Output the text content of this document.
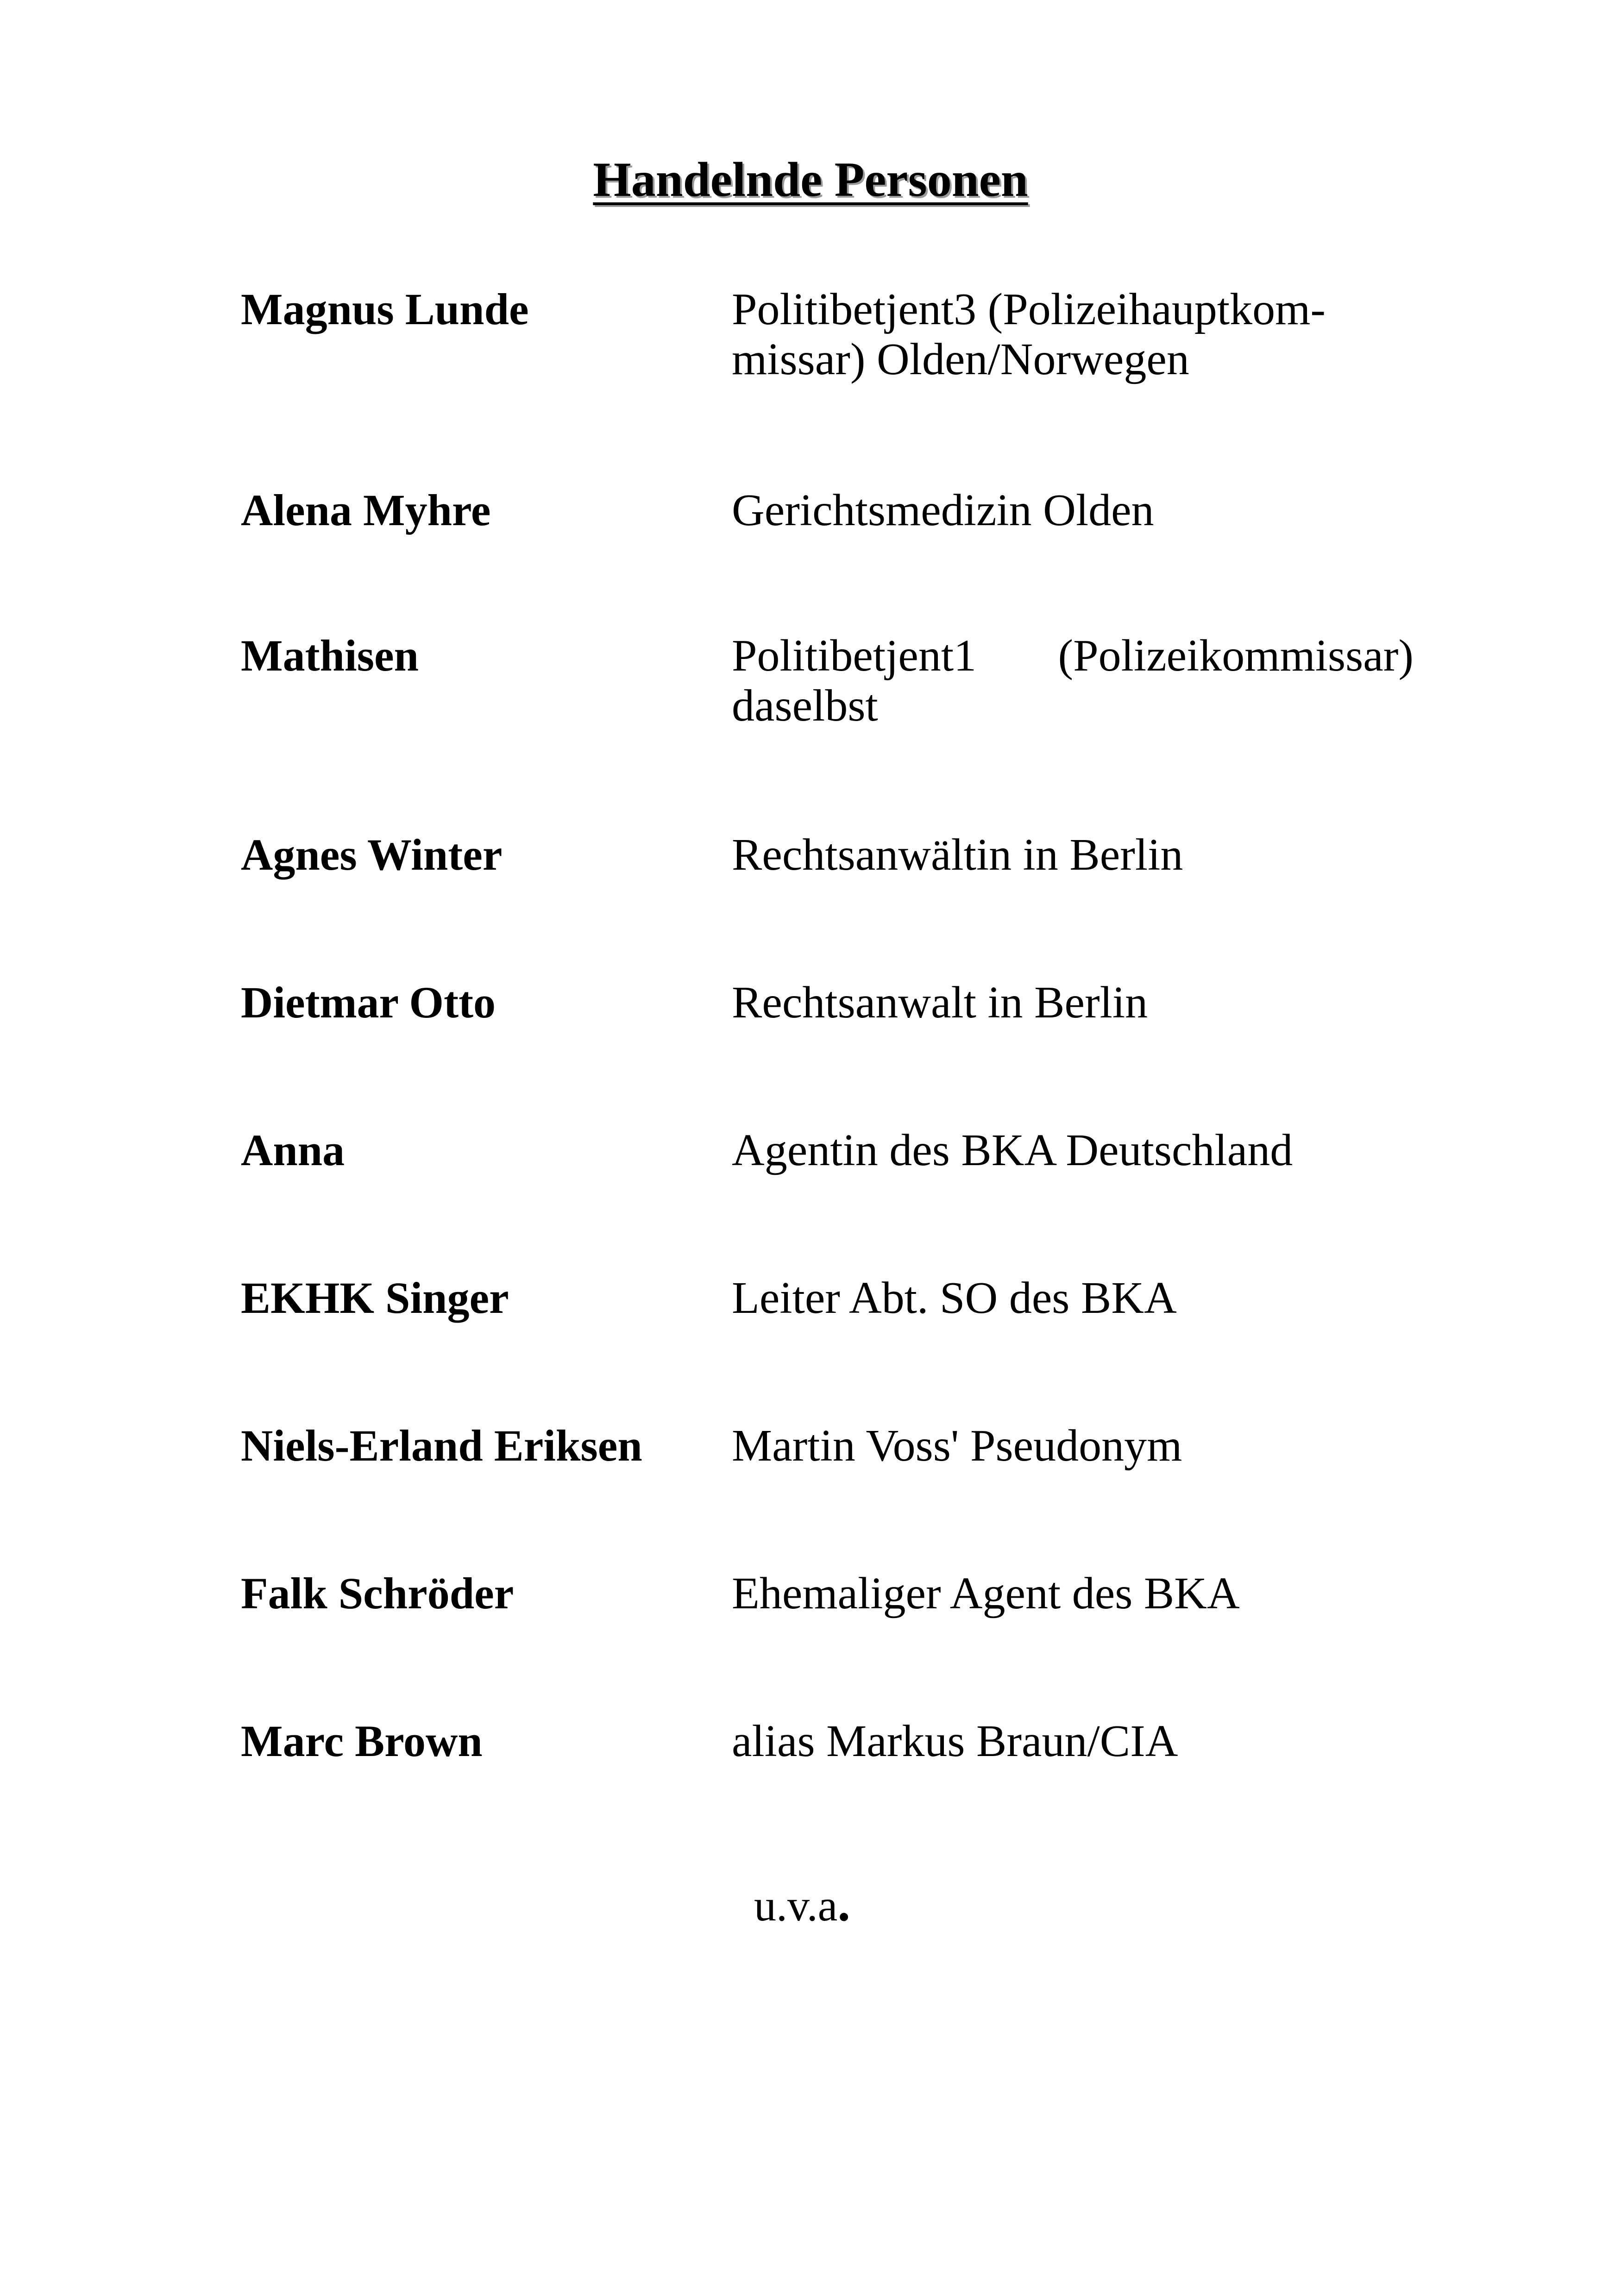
Handelnde Personen
Magnus Lunde	Politibetjent3 (Polizeihauptkom-
missar) Olden/Norwegen
Alena Myhre	Gerichtsmedizin Olden
Mathisen	Politibetjent1   (Polizeikommissar)
daselbst
Agnes Winter	Rechtsanwältin in Berlin
Dietmar Otto	Rechtsanwalt in Berlin
Anna	Agentin des BKA Deutschland
EKHK Singer	Leiter Abt. SO des BKA
Niels-Erland Eriksen	Martin Voss' Pseudonym
Falk Schröder	Ehemaliger Agent des BKA
Marc Brown	alias Markus Braun/CIA
u.v.a.
